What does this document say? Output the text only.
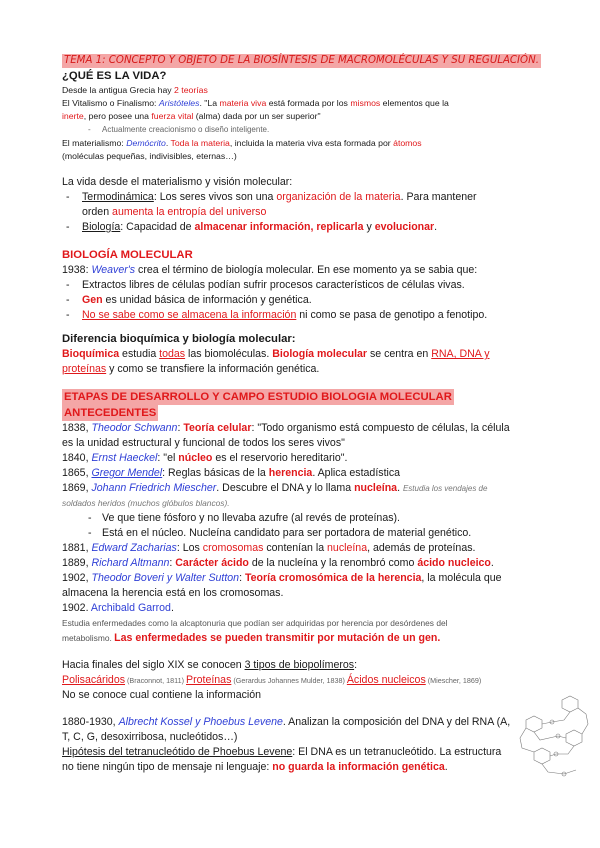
TEMA 1: CONCEPTO Y OBJETO DE LA BIOSÍNTESIS DE MACROMOLÉCULAS Y SU REGULACIÓN.
¿QUÉ ES LA VIDA?
Desde la antigua Grecia hay 2 teorías
El Vitalismo o Finalismo: Aristóteles. "La materia viva está formada por los mismos elementos que la
inerte, pero posee una fuerza vital (alma) dada por un ser superior"
- Actualmente creacionismo o diseño inteligente.
El materialismo: Demócrito. Toda la materia, incluida la materia viva esta formada por átomos
(moléculas pequeñas, indivisibles, eternas…)
La vida desde el materialismo y visión molecular:
- Termodinámica: Los seres vivos son una organización de la materia. Para mantener
orden aumenta la entropía del universo
- Biología: Capacidad de almacenar información, replicarla y evolucionar.
BIOLOGÍA MOLECULAR
1938: Weaver's crea el término de biología molecular. En ese momento ya se sabia que:
- Extractos libres de células podían sufrir procesos característicos de células vivas.
- Gen es unidad básica de información y genética.
- No se sabe como se almacena la información ni como se pasa de genotipo a fenotipo.
Diferencia bioquímica y biología molecular:
Bioquímica estudia todas las biomoléculas. Biología molecular se centra en RNA, DNA y
proteínas y como se transfiere la información genética.
ETAPAS DE DESARROLLO Y CAMPO ESTUDIO BIOLOGIA MOLECULAR
ANTECEDENTES
1838, Theodor Schwann: Teoría celular: "Todo organismo está compuesto de células, la célula
es la unidad estructural y funcional de todos los seres vivos"
1840, Ernst Haeckel: "el núcleo es el reservorio hereditario".
1865, Gregor Mendel: Reglas básicas de la herencia. Aplica estadística
1869, Johann Friedrich Miescher. Descubre el DNA y lo llama nucleína. Estudia los vendajes de
soldados heridos (muchos glóbulos blancos).
- Ve que tiene fósforo y no llevaba azufre (al revés de proteínas).
- Está en el núcleo. Nucleína candidato para ser portadora de material genético.
1881, Edward Zacharias: Los cromosomas contenían la nucleína, además de proteínas.
1889, Richard Altmann: Carácter ácido de la nucleína y la renombró como ácido nucleico.
1902, Theodor Boveri y Walter Sutton: Teoría cromosómica de la herencia, la molécula que
almacena la herencia está en los cromosomas.
1902. Archibald Garrod.
Estudia enfermedades como la alcaptonuria que podían ser adquiridas por herencia por desórdenes del
metabolismo. Las enfermedades se pueden transmitir por mutación de un gen.
Hacia finales del siglo XIX se conocen 3 tipos de biopolímeros:
Polisacáridos (Braconnot, 1811) Proteínas (Gerardus Johannes Mulder, 1838) Ácidos nucleicos (Miescher, 1869)
No se conoce cual contiene la información
1880-1930, Albrecht Kossel y Phoebus Levene. Analizan la composición del DNA y del RNA (A,
T, C, G, desoxirribosa, nucleótidos…)
Hipótesis del tetranucleótido de Phoebus Levene: El DNA es un tetranucleótido. La estructura
no tiene ningún tipo de mensaje ni lenguaje: no guarda la información genética.
